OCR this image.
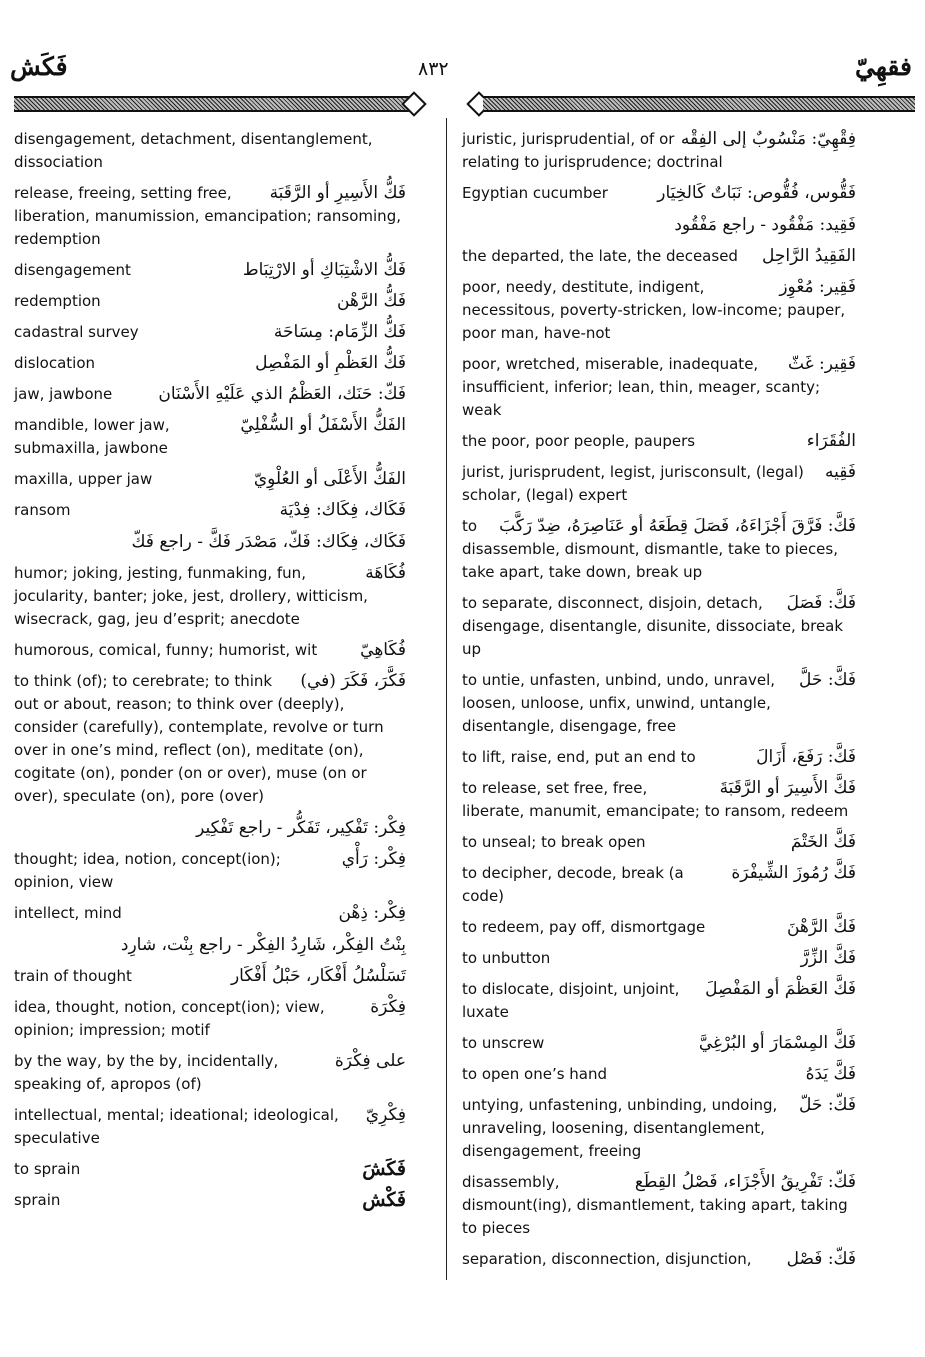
فَكَش	٨٣٢	فقهِيّ
disengagement, detachment, disentanglement, dissociation
فَكُّ الأَسِيرِ أو الرَّقَبَة
release, freeing, setting free, liberation, manumission, emancipation; ransoming, redemption
فَكُّ الاشْتِبَاكِ أو الارْتِبَاط
disengagement
فَكُّ الرَّهْن
redemption
فَكُّ الزِّمَام: مِسَاحَة
cadastral survey
فَكُّ العَظْمِ أو المَفْصِل
dislocation
فَكّ: حَنَك، العَظْمُ الذي عَلَيْهِ الأَسْنَان
jaw, jawbone
الفَكُّ الأَسْفَلُ أو السُّفْلِيّ
mandible, lower jaw, submaxilla, jawbone
الفَكُّ الأَعْلَى أو العُلْوِيّ
maxilla, upper jaw
فَكَاك، فِكَاك: فِدْيَة
ransom
فَكَاك، فِكَاك: فَكّ، مَصْدَر فَكَّ - راجع فَكّ
فُكَاهَة
humor; joking, jesting, funmaking, fun, jocularity, banter; joke, jest, drollery, witticism, wisecrack, gag, jeu d’esprit; anecdote
فُكَاهِيّ
humorous, comical, funny; humorist, wit
فَكَّرَ، فَكَرَ (في)
to think (of); to cerebrate; to think out or about, reason; to think over (deeply), consider (carefully), contemplate, revolve or turn over in one’s mind, reflect (on), meditate (on), cogitate (on), ponder (on or over), muse (on or over), speculate (on), pore (over)
فِكْر: تَفْكِير، تَفَكُّر - راجع تَفْكِير
فِكْر: رَأْي
thought; idea, notion, concept(ion); opinion, view
فِكْر: ذِهْن
intellect, mind
بِنْتُ الفِكْر، شَارِدُ الفِكْر - راجع بِنْت، شارِد
تَسَلْسُلُ أَفْكَار، حَبْلُ أَفْكَار
train of thought
فِكْرَة
idea, thought, notion, concept(ion); view, opinion; impression; motif
على فِكْرَة
by the way, by the by, incidentally, speaking of, apropos (of)
فِكْرِيّ
intellectual, mental; ideational; ideological, speculative
فَكَشَ
to sprain
فَكْش
sprain
فِقْهِيّ: مَنْسُوبٌ إلى الفِقْه
juristic, jurisprudential, of or relating to jurisprudence; doctrinal
فَقُّوس، فُقُّوص: نَبَاتٌ كَالخِيَار
Egyptian cucumber
فَقِيد: مَفْقُود - راجع مَفْقُود
الفَقِيدُ الرَّاحِل
the departed, the late, the deceased
فَقِير: مُعْوِز
poor, needy, destitute, indigent, necessitous, poverty-stricken, low-income; pauper, poor man, have-not
فَقِير: غَثّ
poor, wretched, miserable, inadequate, insufficient, inferior; lean, thin, meager, scanty; weak
الفُقَرَاء
the poor, poor people, paupers
فَقِيه
jurist, jurisprudent, legist, jurisconsult, (legal) scholar, (legal) expert
فَكَّ: فَرَّقَ أَجْزَاءَهُ، فَصَلَ قِطَعَهُ أو عَنَاصِرَهُ، ضِدّ رَكَّبَ
to disassemble, dismount, dismantle, take to pieces, take apart, take down, break up
فَكَّ: فَصَلَ
to separate, disconnect, disjoin, detach, disengage, disentangle, disunite, dissociate, break up
فَكَّ: حَلَّ
to untie, unfasten, unbind, undo, unravel, loosen, unloose, unfix, unwind, untangle, disentangle, disengage, free
فَكَّ: رَفَعَ، أَزَالَ
to lift, raise, end, put an end to
فَكَّ الأَسِيرَ أو الرَّقَبَةَ
to release, set free, free, liberate, manumit, emancipate; to ransom, redeem
فَكَّ الخَتْمَ
to unseal; to break open
فَكَّ رُمُوزَ الشِّيفْرَة
to decipher, decode, break (a code)
فَكَّ الرَّهْنَ
to redeem, pay off, dismortgage
فَكَّ الزِّرَّ
to unbutton
فَكَّ العَظْمَ أو المَفْصِلَ
to dislocate, disjoint, unjoint, luxate
فَكَّ المِسْمَارَ أو البُرْغِيَّ
to unscrew
فَكَّ يَدَهُ
to open one’s hand
فَكّ: حَلّ
untying, unfastening, unbinding, undoing, unraveling, loosening, disentanglement, disengagement, freeing
فَكّ: تَفْرِيقُ الأَجْزَاء، فَصْلُ القِطَع
disassembly, dismount(ing), dismantlement, taking apart, taking to pieces
فَكّ: فَصْل
separation, disconnection, disjunction,
